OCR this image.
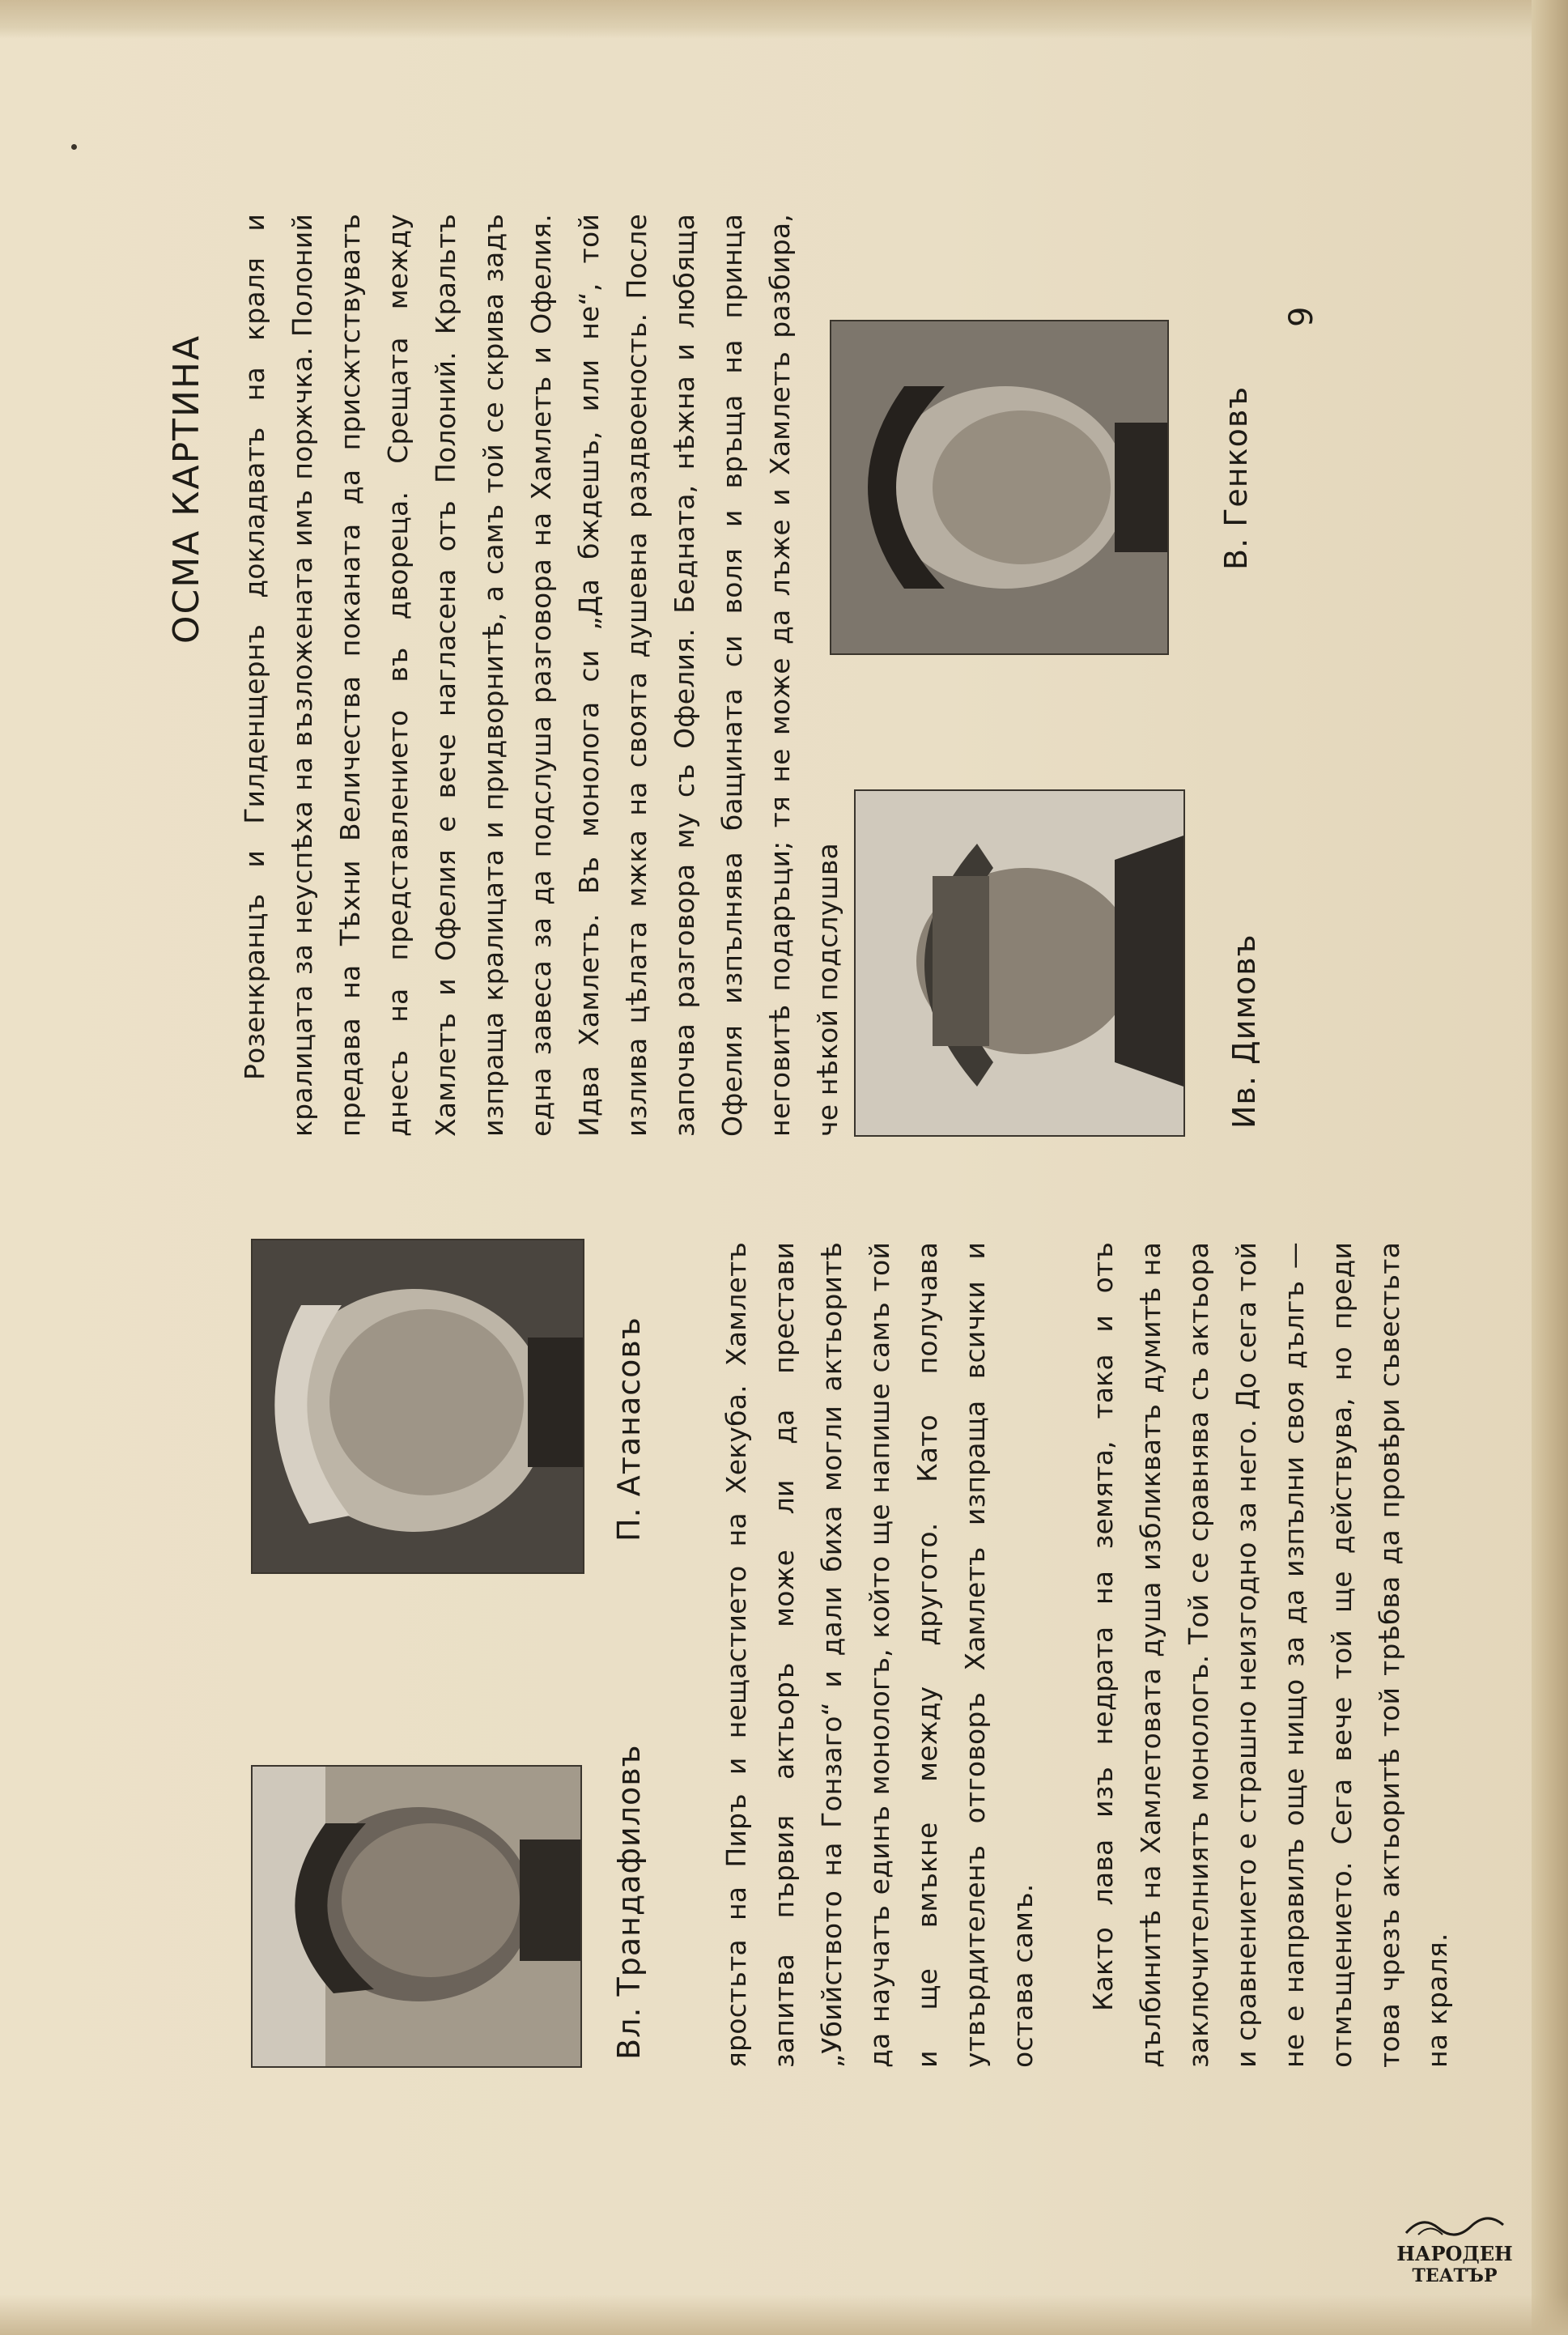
Вл. Трандафиловъ
П. Атанасовъ	яростьта на Пиръ и нещастието на Хекуба. Хамлетъ запитва първия актьоръ може ли да престави „Убийството на Гонзаго“ и дали биха могли актьоритѣ да научатъ единъ монологъ, който ще напише самъ той и ще вмъкне между другото. Като получава утвърдителенъ отговоръ Хамлетъ изпраща всички и остава самъ.	Както лава изъ недрата на земята, така и отъ дълбинитѣ на Хамлетовата душа избликватъ думитѣ на заключителниятъ монологъ. Той се сравнява съ актьора и сравнението е страшно неизгодно за него. До сега той не е направилъ още нищо за да изпълни своя дългъ — отмъщението. Сега вече той ще действува, но преди това чрезъ актьоритѣ той трѣбва да провѣри съвестьта на краля.

ОСМА КАРТИНА	Розенкранцъ и Гилденщернъ докладватъ на краля и кралицата за неуспѣха на възложената имъ поржчка. Полоний предава на Тѣхни Величества поканата да присжтствуватъ днесъ на представлението въ двореца. Срещата между Хамлетъ и Офелия е вече нагласена отъ Полоний. Кральтъ изпраща кралицата и придворнитѣ, а самъ той се скрива задъ една завеса за да подслуша разговора на Хамлетъ и Офелия. Идва Хамлетъ. Въ монолога си „Да бждешъ, или не“, той излива цѣлата мжка на своята душевна раздвоеность. После започва разговора му съ Офелия. Бедната, нѣжна и любяща Офелия изпълнява бащината си воля и връща на принца неговитѣ подаръци; тя не може да лъже и Хамлетъ разбира, че нѣкой подслушва	Ив. Димовъ
В. Генковъ
9
НАРОДЕН
ТЕАТЪР
